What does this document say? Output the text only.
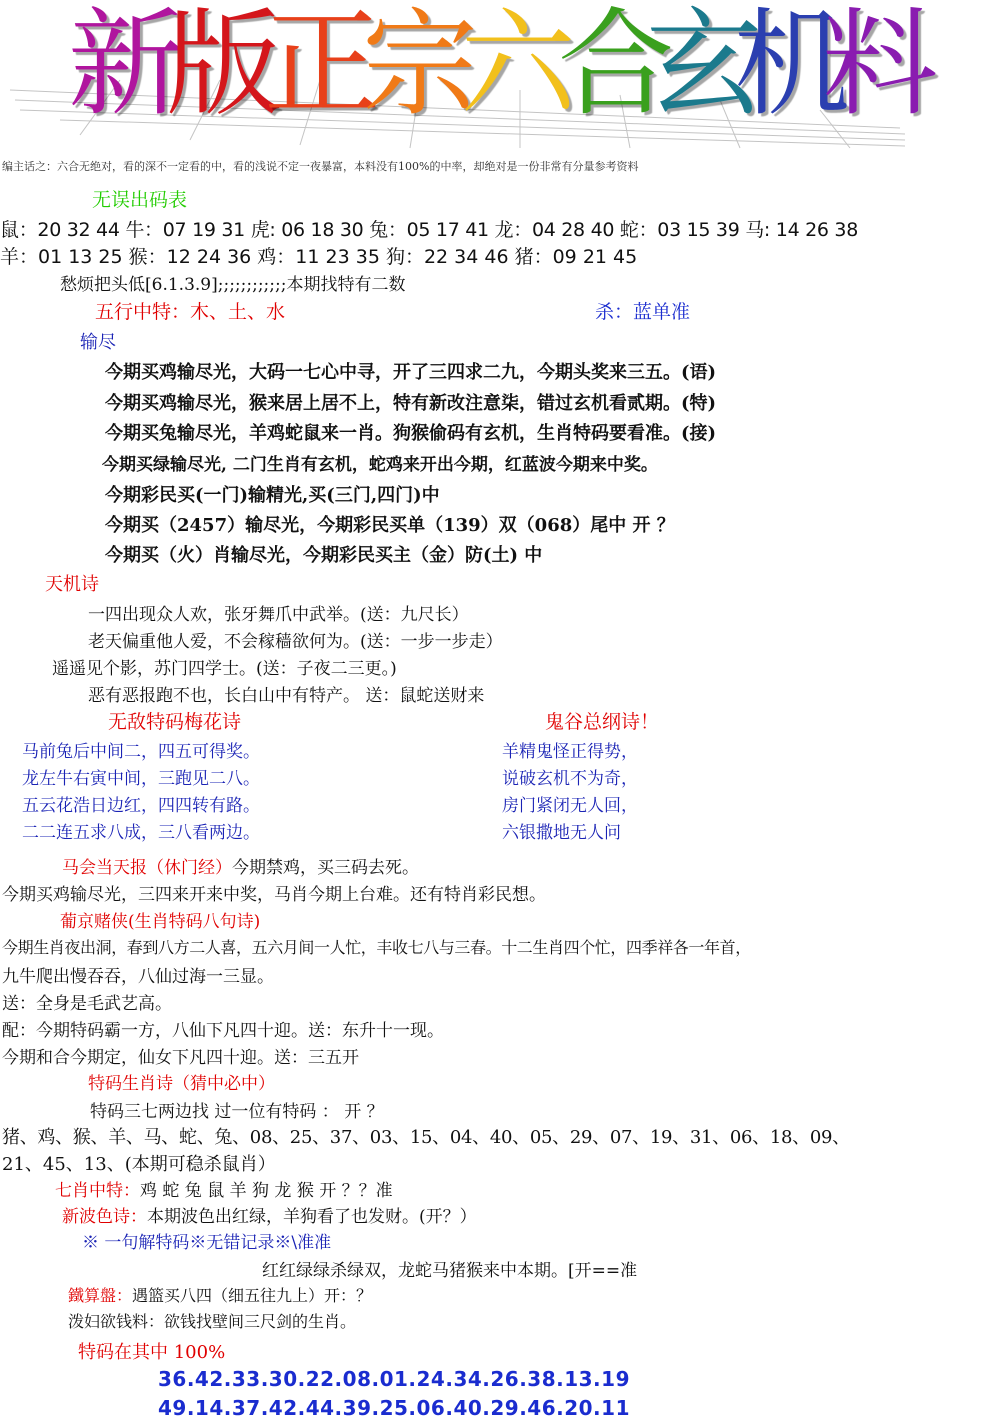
新
版
正
宗
六
合
玄
机
料
编主话之：六合无绝对，看的深不一定看的中，看的浅说不定一夜暴富，本料没有100%的中率，却绝对是一份非常有分量参考资料
无误出码表
鼠：20 32 44 牛：07 19 31 虎: 06 18 30 兔：05 17 41 龙：04 28 40 蛇：03 15 39 马: 14 26 38
羊：01 13 25 猴：12 24 36 鸡：11 23 35 狗：22 34 46 猪：09 21 45
愁烦把头低[6.1.3.9];;;;;;;;;;;;本期找特有二数
五行中特：木、土、水	杀：蓝单准
输尽
今期买鸡输尽光，大码一七心中寻，开了三四求二九，今期头奖来三五。(语)
今期买鸡输尽光，猴来居上居不上，特有新改注意柒，错过玄机看贰期。(特)
今期买兔输尽光，羊鸡蛇鼠来一肖。狗猴偷码有玄机，生肖特码要看准。(接)
今期买绿输尽光, 二门生肖有玄机，蛇鸡来开出今期，红蓝波今期来中奖。
今期彩民买(一门)输精光,买(三门,四门)中
今期买（2457）输尽光，今期彩民买单（139）双（068）尾中 开 ？
今期买（火）肖输尽光，今期彩民买主（金）防(土) 中
天机诗
一四出现众人欢，张牙舞爪中武举。(送：九尺长）
老天偏重他人爱，不会稼穑欲何为。(送：一步一步走）
遥遥见个影，苏门四学士。(送：子夜二三更。)
恶有恶报跑不也，长白山中有特产。 送：鼠蛇送财来
无敌特码梅花诗	鬼谷总纲诗！
马前兔后中间二，四五可得奖。
龙左牛右寅中间，三跑见二八。
五云花浩日边红，四四转有路。
二二连五求八成，三八看两边。
羊精鬼怪正得势，
说破玄机不为奇，
房门紧闭无人回，
六银撒地无人问
马会当天报（休门经）今期禁鸡，买三码去死。
今期买鸡输尽光，三四来开来中奖，马肖今期上台难。还有特肖彩民想。
葡京赌侠(生肖特码八句诗)
今期生肖夜出洞，春到八方二人喜，五六月间一人忙，丰收七八与三春。十二生肖四个忙，四季祥各一年首，
九牛爬出慢吞吞，八仙过海一三显。
送：全身是毛武艺高。
配：今期特码霸一方，八仙下凡四十迎。送：东升十一现。
今期和合今期定，仙女下凡四十迎。送：三五开
特码生肖诗（猜中必中）
特码三七两边找 过一位有特码 ： 开 ？
猪、鸡、猴、羊、马、蛇、兔、08、25、37、03、15、04、40、05、29、07、19、31、06、18、09、
21、45、13、(本期可稳杀鼠肖）
七肖中特：鸡 蛇 兔 鼠 羊 狗 龙 猴 开 ？？准
新波色诗：本期波色出红绿，羊狗看了也发财。(开？）
※ 一句解特码※无错记录※\准准
红红绿绿杀绿双，龙蛇马猪猴来中本期。[开==准
鐵算盤：遇篮买八四（细五往九上）开：？
泼妇欲钱料：欲钱找壁间三尺剑的生肖。
特码在其中 100%
36.42.33.30.22.08.01.24.34.26.38.13.19
49.14.37.42.44.39.25.06.40.29.46.20.11
